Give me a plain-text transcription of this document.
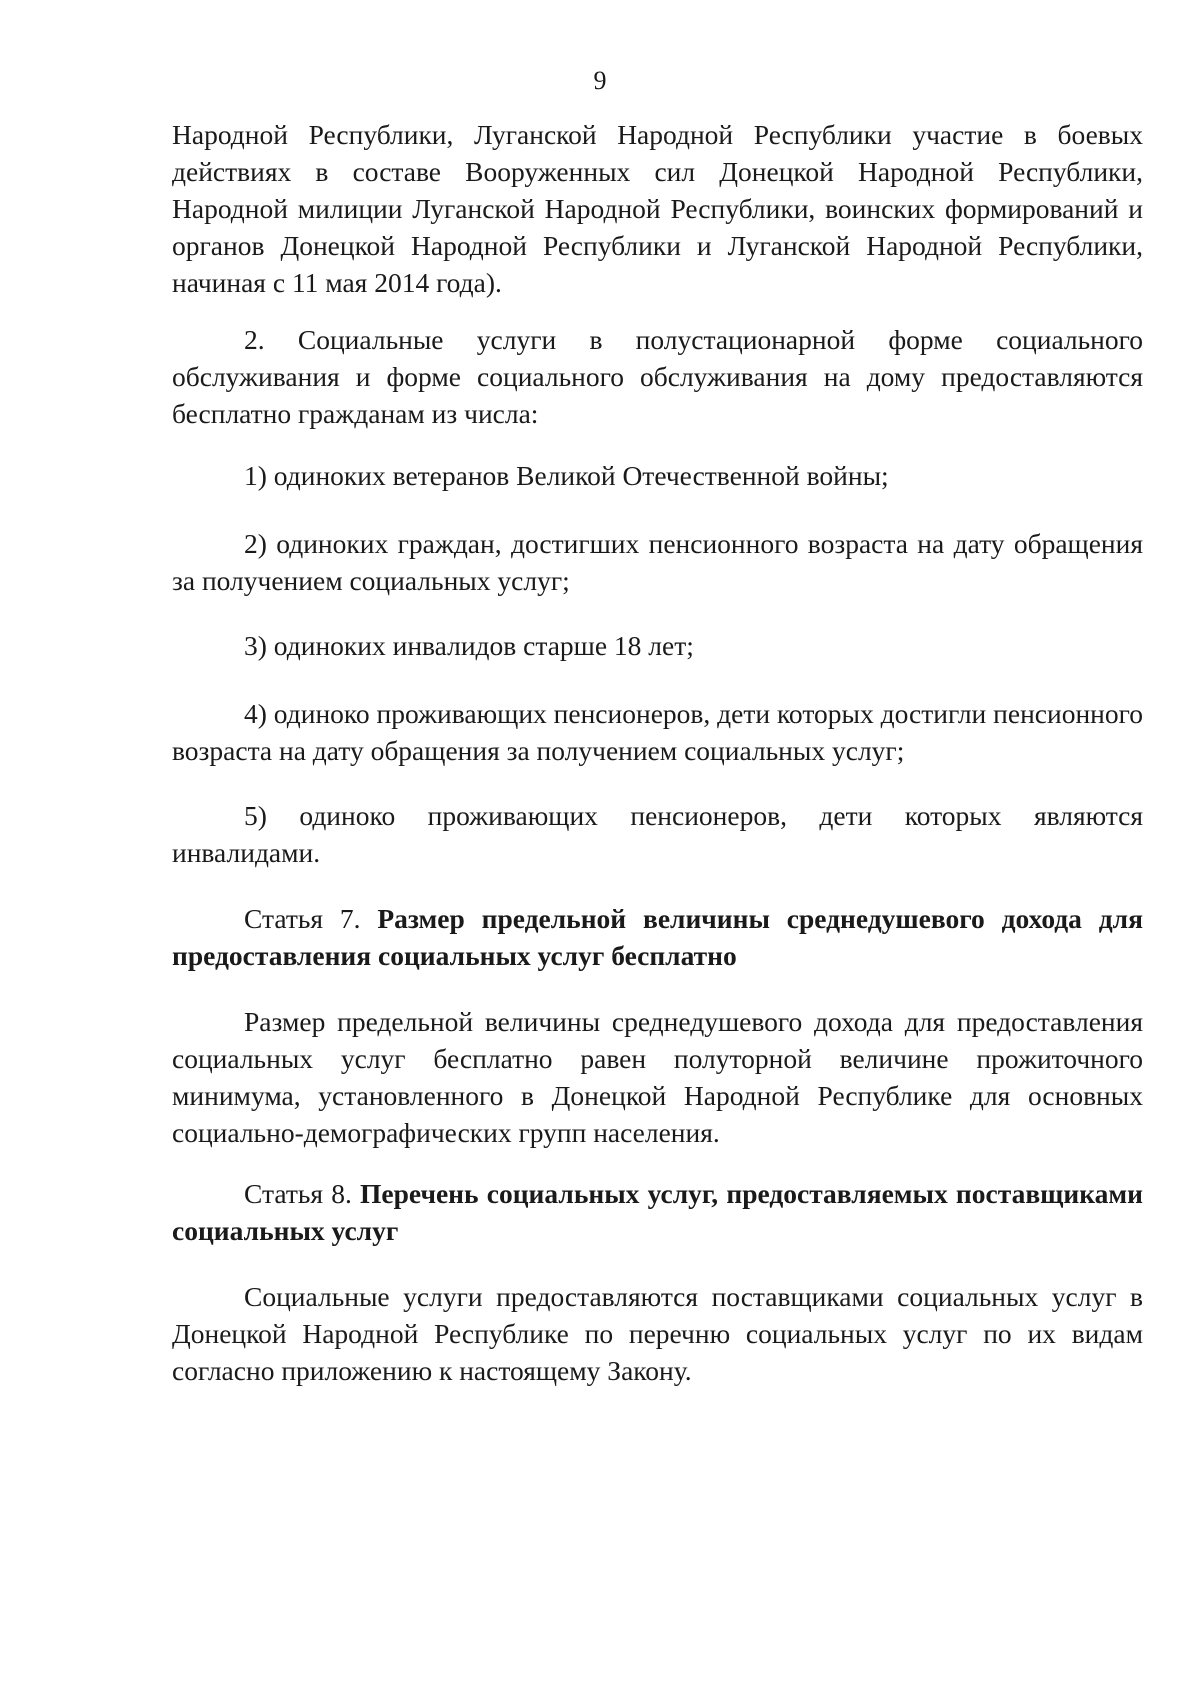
9

Народной Республики, Луганской Народной Республики участие в боевых действиях в составе Вооруженных сил Донецкой Народной Республики, Народной милиции Луганской Народной Республики, воинских формирований и органов Донецкой Народной Республики и Луганской Народной Республики, начиная с 11 мая 2014 года).

2. Социальные услуги в полустационарной форме социального обслуживания и форме социального обслуживания на дому предоставляются бесплатно гражданам из числа:

1) одиноких ветеранов Великой Отечественной войны;

2) одиноких граждан, достигших пенсионного возраста на дату обращения за получением социальных услуг;

3) одиноких инвалидов старше 18 лет;

4) одиноко проживающих пенсионеров, дети которых достигли пенсионного возраста на дату обращения за получением социальных услуг;

5) одиноко проживающих пенсионеров, дети которых являются инвалидами.

Статья 7. Размер предельной величины среднедушевого дохода для предоставления социальных услуг бесплатно

Размер предельной величины среднедушевого дохода для предоставления социальных услуг бесплатно равен полуторной величине прожиточного минимума, установленного в Донецкой Народной Республике для основных социально-демографических групп населения.

Статья 8. Перечень социальных услуг, предоставляемых поставщиками социальных услуг

Социальные услуги предоставляются поставщиками социальных услуг в Донецкой Народной Республике по перечню социальных услуг по их видам согласно приложению к настоящему Закону.
